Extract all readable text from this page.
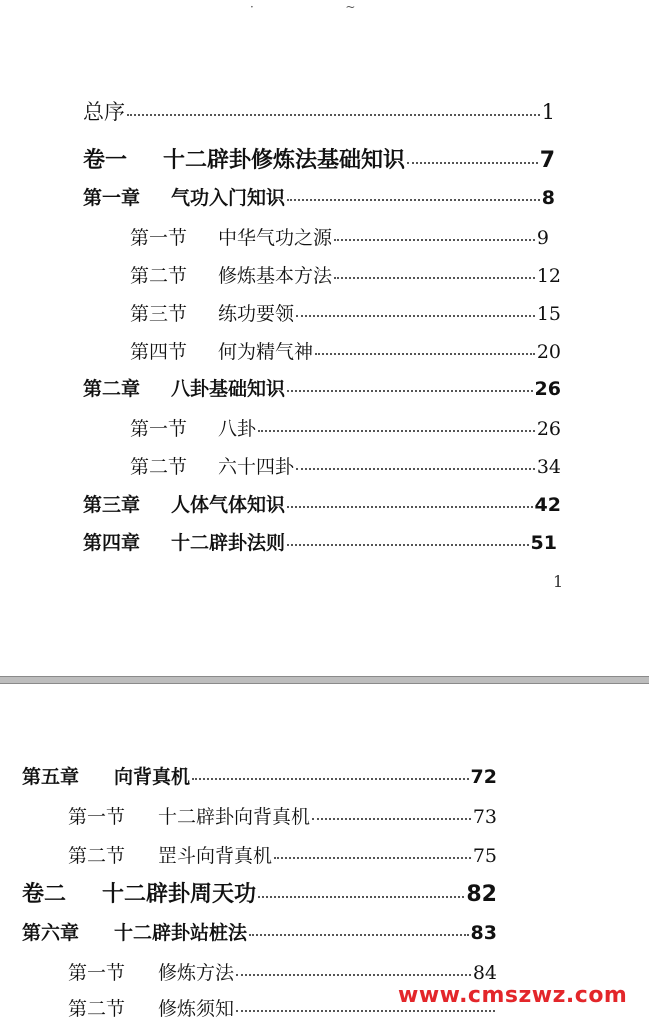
·                        ~
总序	1
卷一	十二辟卦修炼法基础知识	7
第一章	气功入门知识	8
第一节	中华气功之源	9
第二节	修炼基本方法	12
第三节	练功要领	15
第四节	何为精气神	20
第二章	八卦基础知识	26
第一节	八卦	26
第二节	六十四卦	34
第三章	人体气体知识	42
第四章	十二辟卦法则	51
1
第五章	向背真机	72
第一节	十二辟卦向背真机	73
第二节	罡斗向背真机	75
卷二	十二辟卦周天功	82
第六章	十二辟卦站桩法	83
第一节	修炼方法	84
第二节	修炼须知
www.cmszwz.com
